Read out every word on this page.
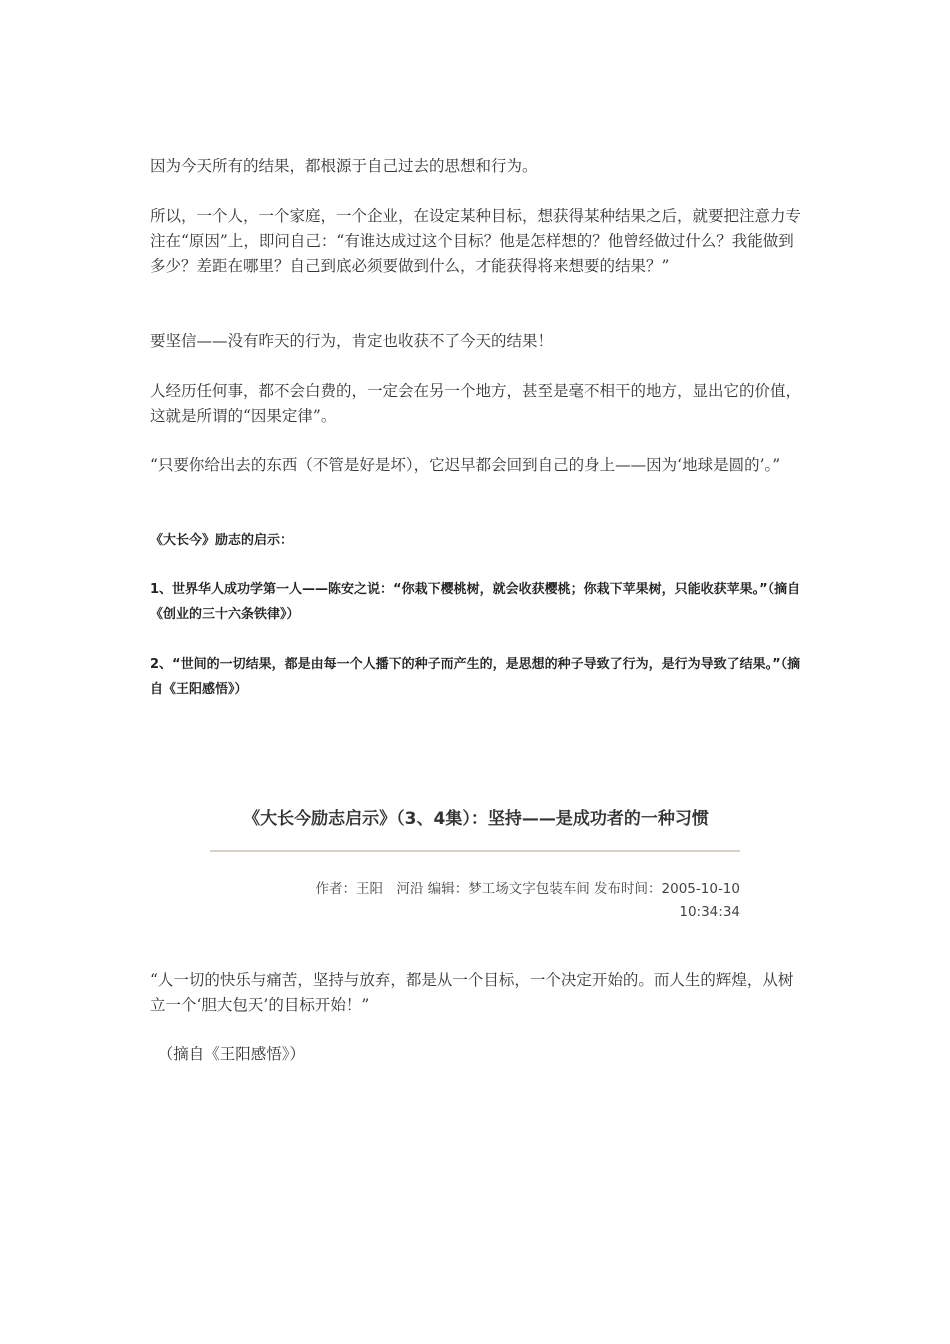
因为今天所有的结果，都根源于自己过去的思想和行为。
所以，一个人，一个家庭，一个企业，在设定某种目标，想获得某种结果之后，就要把注意力专注在“原因”上，即问自己：“有谁达成过这个目标？他是怎样想的？他曾经做过什么？我能做到多少？差距在哪里？自己到底必须要做到什么，才能获得将来想要的结果？”
要坚信——没有昨天的行为，肯定也收获不了今天的结果！
人经历任何事，都不会白费的，一定会在另一个地方，甚至是毫不相干的地方，显出它的价值，这就是所谓的“因果定律”。
“只要你给出去的东西（不管是好是坏），它迟早都会回到自己的身上——因为‘地球是圆的’。”
《大长今》励志的启示：
1、世界华人成功学第一人——陈安之说：“你栽下樱桃树，就会收获樱桃；你栽下苹果树，只能收获苹果。”（摘自《创业的三十六条铁律》）
2、“世间的一切结果，都是由每一个人播下的种子而产生的，是思想的种子导致了行为，是行为导致了结果。”（摘自《王阳感悟》）
《大长今励志启示》（3、4集）：坚持——是成功者的一种习惯
作者：王阳　河沿 编辑：梦工场文字包装车间 发布时间：2005-10-10
10:34:34
“人一切的快乐与痛苦，坚持与放弃，都是从一个目标，一个决定开始的。而人生的辉煌，从树立一个‘胆大包天’的目标开始！”
　（摘自《王阳感悟》）
